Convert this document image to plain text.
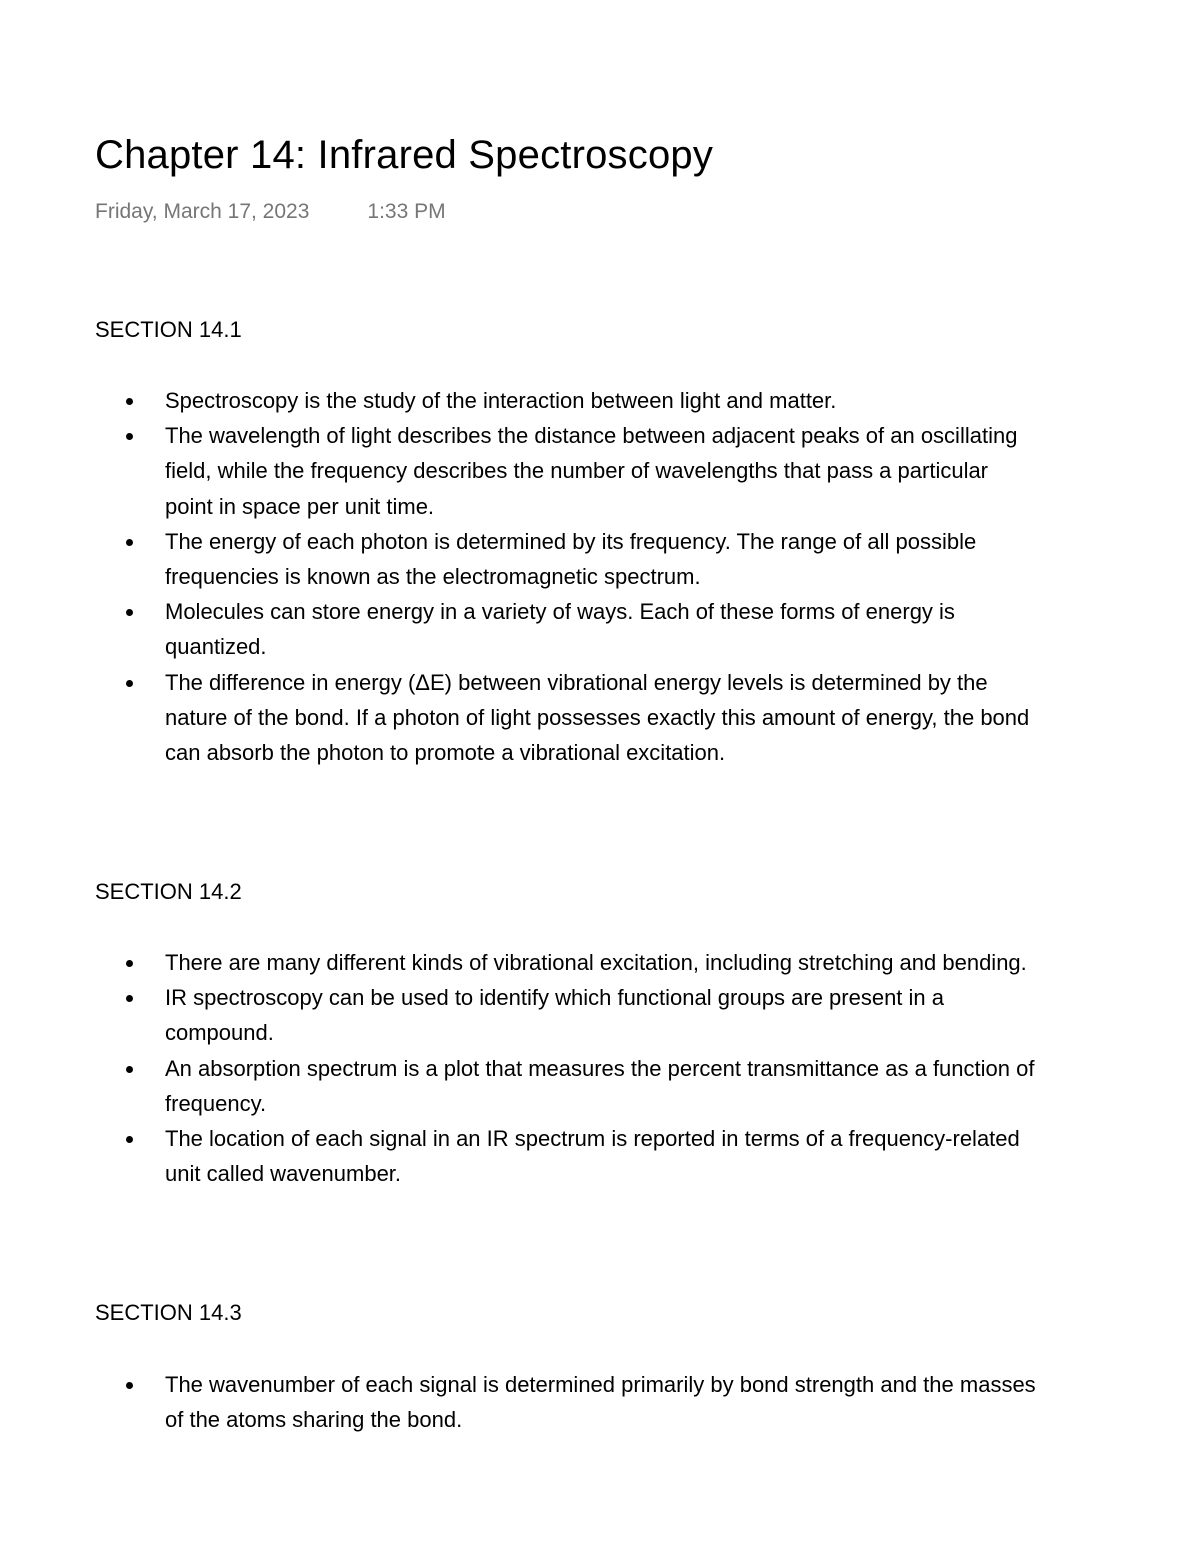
Chapter 14: Infrared Spectroscopy
Friday, March 17, 2023	1:33 PM
SECTION 14.1
Spectroscopy is the study of the interaction between light and matter.
The wavelength of light describes the distance between adjacent peaks of an oscillating
field, while the frequency describes the number of wavelengths that pass a particular
point in space per unit time.
The energy of each photon is determined by its frequency. The range of all possible
frequencies is known as the electromagnetic spectrum.
Molecules can store energy in a variety of ways. Each of these forms of energy is
quantized.
The difference in energy (ΔE) between vibrational energy levels is determined by the
nature of the bond. If a photon of light possesses exactly this amount of energy, the bond
can absorb the photon to promote a vibrational excitation.
SECTION 14.2
There are many different kinds of vibrational excitation, including stretching and bending.
IR spectroscopy can be used to identify which functional groups are present in a
compound.
An absorption spectrum is a plot that measures the percent transmittance as a function of
frequency.
The location of each signal in an IR spectrum is reported in terms of a frequency-related
unit called wavenumber.
SECTION 14.3
The wavenumber of each signal is determined primarily by bond strength and the masses
of the atoms sharing the bond.
